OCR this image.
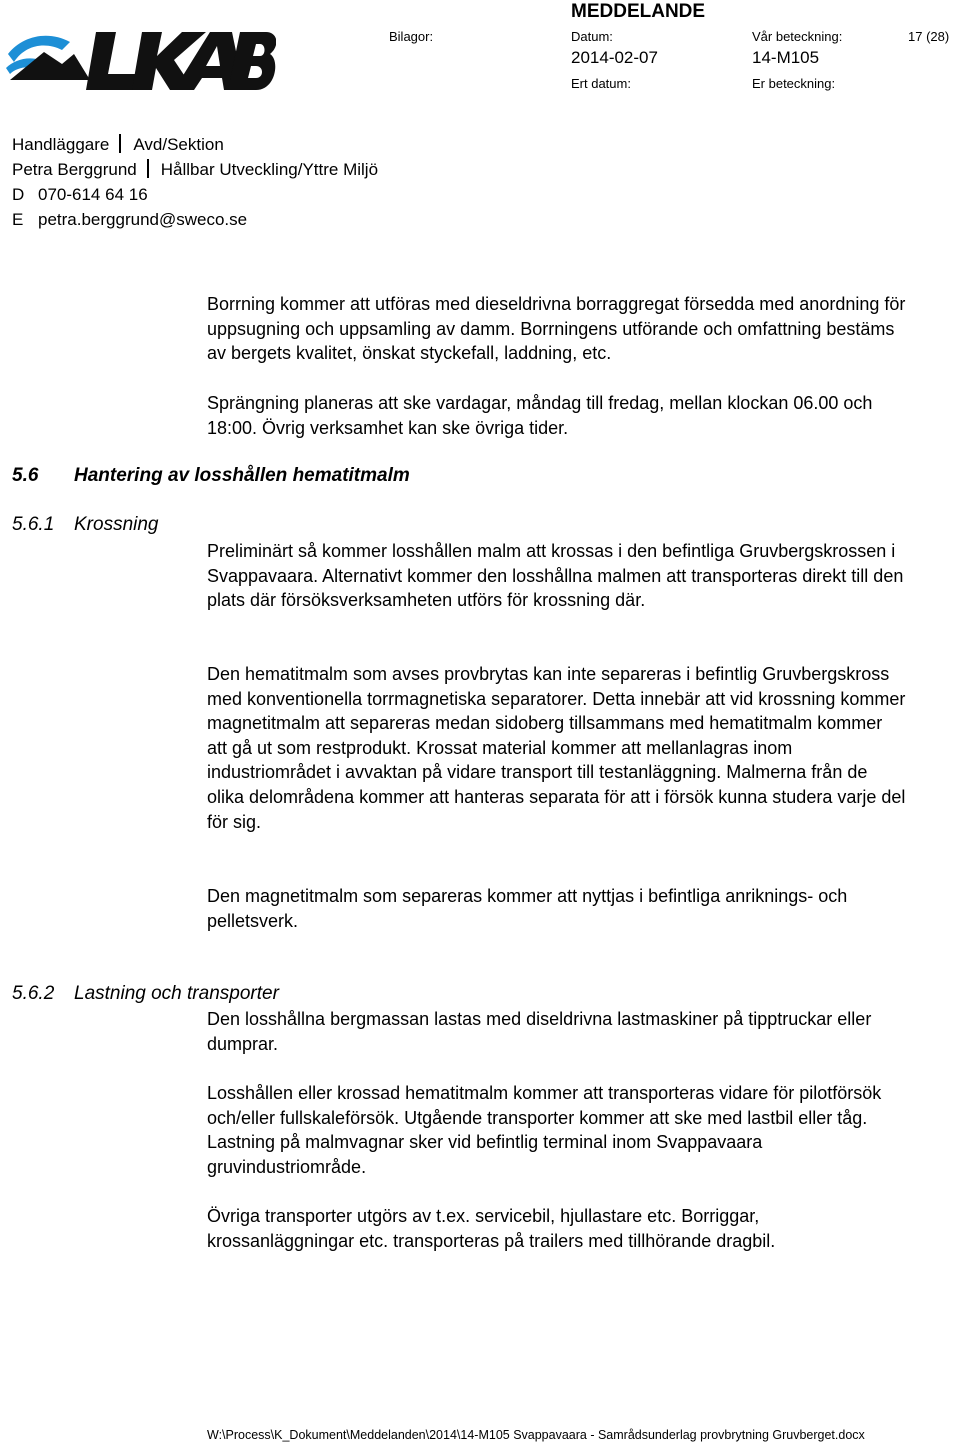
MEDDELANDE
Bilagor:	Datum:	Vår beteckning:	17 (28)
2014-02-07	14-M105
Ert datum:	Er beteckning:
Handläggare Avd/Sektion
Petra Berggrund Hållbar Utveckling/Yttre Miljö
D 070-614 64 16
E petra.berggrund@sweco.se

Borrning kommer att utföras med dieseldrivna borraggregat försedda med anordning för uppsugning och uppsamling av damm. Borrningens utförande och omfattning bestäms av bergets kvalitet, önskat styckefall, laddning, etc.

Sprängning planeras att ske vardagar, måndag till fredag, mellan klockan 06.00 och 18:00. Övrig verksamhet kan ske övriga tider.

5.6 Hantering av losshållen hematitmalm
5.6.1 Krossning

Preliminärt så kommer losshållen malm att krossas i den befintliga Gruvbergskrossen i Svappavaara. Alternativt kommer den losshållna malmen att transporteras direkt till den plats där försöksverksamheten utförs för krossning där.

Den hematitmalm som avses provbrytas kan inte separeras i befintlig Gruvbergskross med konventionella torrmagnetiska separatorer. Detta innebär att vid krossning kommer magnetitmalm att separeras medan sidoberg tillsammans med hematitmalm kommer att gå ut som restprodukt. Krossat material kommer att mellanlagras inom industriområdet i avvaktan på vidare transport till testanläggning. Malmerna från de olika delområdena kommer att hanteras separata för att i försök kunna studera varje del för sig.

Den magnetitmalm som separeras kommer att nyttjas i befintliga anriknings- och pelletsverk.

5.6.2 Lastning och transporter

Den losshållna bergmassan lastas med diseldrivna lastmaskiner på tipptruckar eller dumprar.

Losshållen eller krossad hematitmalm kommer att transporteras vidare för pilotförsök och/eller fullskaleförsök. Utgående transporter kommer att ske med lastbil eller tåg. Lastning på malmvagnar sker vid befintlig terminal inom Svappavaara gruvindustriområde.

Övriga transporter utgörs av t.ex. servicebil, hjullastare etc. Borriggar, krossanläggningar etc. transporteras på trailers med tillhörande dragbil.

W:\Process\K_Dokument\Meddelanden\2014\14-M105 Svappavaara - Samrådsunderlag provbrytning Gruvberget.docx
